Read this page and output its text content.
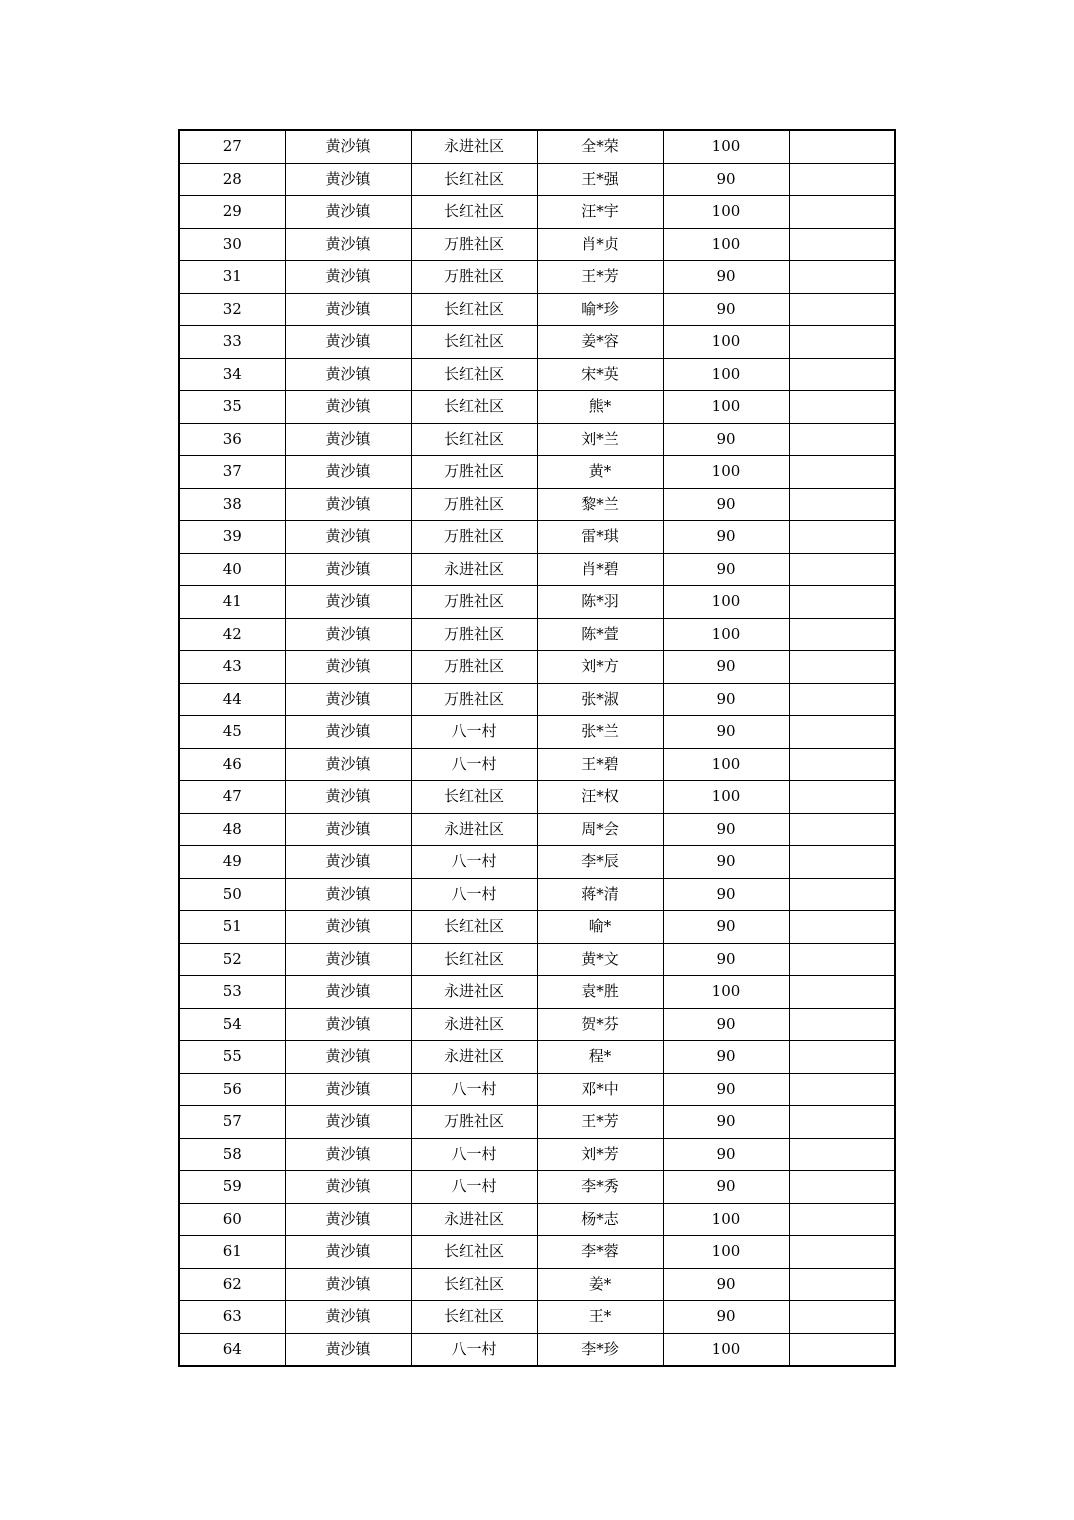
27	黄沙镇	永进社区	全*荣	100	
28	黄沙镇	长红社区	王*强	90	
29	黄沙镇	长红社区	汪*宇	100	
30	黄沙镇	万胜社区	肖*贞	100	
31	黄沙镇	万胜社区	王*芳	90	
32	黄沙镇	长红社区	喻*珍	90	
33	黄沙镇	长红社区	姜*容	100	
34	黄沙镇	长红社区	宋*英	100	
35	黄沙镇	长红社区	熊*	100	
36	黄沙镇	长红社区	刘*兰	90	
37	黄沙镇	万胜社区	黄*	100	
38	黄沙镇	万胜社区	黎*兰	90	
39	黄沙镇	万胜社区	雷*琪	90	
40	黄沙镇	永进社区	肖*碧	90	
41	黄沙镇	万胜社区	陈*羽	100	
42	黄沙镇	万胜社区	陈*萱	100	
43	黄沙镇	万胜社区	刘*方	90	
44	黄沙镇	万胜社区	张*淑	90	
45	黄沙镇	八一村	张*兰	90	
46	黄沙镇	八一村	王*碧	100	
47	黄沙镇	长红社区	汪*权	100	
48	黄沙镇	永进社区	周*会	90	
49	黄沙镇	八一村	李*辰	90	
50	黄沙镇	八一村	蒋*清	90	
51	黄沙镇	长红社区	喻*	90	
52	黄沙镇	长红社区	黄*文	90	
53	黄沙镇	永进社区	袁*胜	100	
54	黄沙镇	永进社区	贺*芬	90	
55	黄沙镇	永进社区	程*	90	
56	黄沙镇	八一村	邓*中	90	
57	黄沙镇	万胜社区	王*芳	90	
58	黄沙镇	八一村	刘*芳	90	
59	黄沙镇	八一村	李*秀	90	
60	黄沙镇	永进社区	杨*志	100	
61	黄沙镇	长红社区	李*蓉	100	
62	黄沙镇	长红社区	姜*	90	
63	黄沙镇	长红社区	王*	90	
64	黄沙镇	八一村	李*珍	100	
